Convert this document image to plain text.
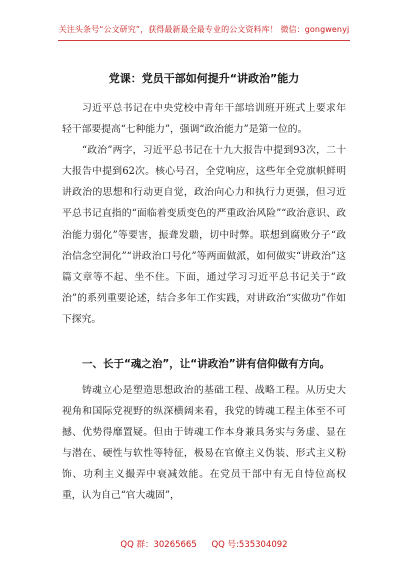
关注头条号“公文研究”，获得最新最全最专业的公文资料库！ 微信：gongwenyj
党课：党员干部如何提升“讲政治”能力

习近平总书记在中央党校中青年干部培训班开班式上要求年轻干部要提高“七种能力”，强调“政治能力”是第一位的。

“政治”两字，习近平总书记在十九大报告中提到93次，二十大报告中提到62次。核心号召，全党响应，这些年全党旗帜鲜明讲政治的思想和行动更自觉，政治向心力和执行力更强，但习近平总书记直指的“面临着变质变色的严重政治风险”“政治意识、政治能力弱化”等要害，振聋发聩，切中时弊。联想到腐败分子“政治信念空洞化”“讲政治口号化”等两面做派，如何做实“讲政治”这篇文章等不起、坐不住。下面，通过学习习近平总书记关于“政治”的系列重要论述，结合多年工作实践，对讲政治“实做功”作如下探究。

一、长于“魂之治”，让“讲政治”讲有信仰做有方向。

铸魂立心是塑造思想政治的基础工程、战略工程。从历史大视角和国际党视野的纵深横阔来看，我党的铸魂工程主体至不可撼、优势得靡置疑。但由于铸魂工作本身兼具务实与务虚、显在与潜在、硬性与软性等特征，极易在官僚主义伪装、形式主义粉饰、功利主义撮弄中衰减效能。在党员干部中有无自恃位高权重，认为自己“官大魂固”，

QQ 群：30265665 QQ 号:535304092
